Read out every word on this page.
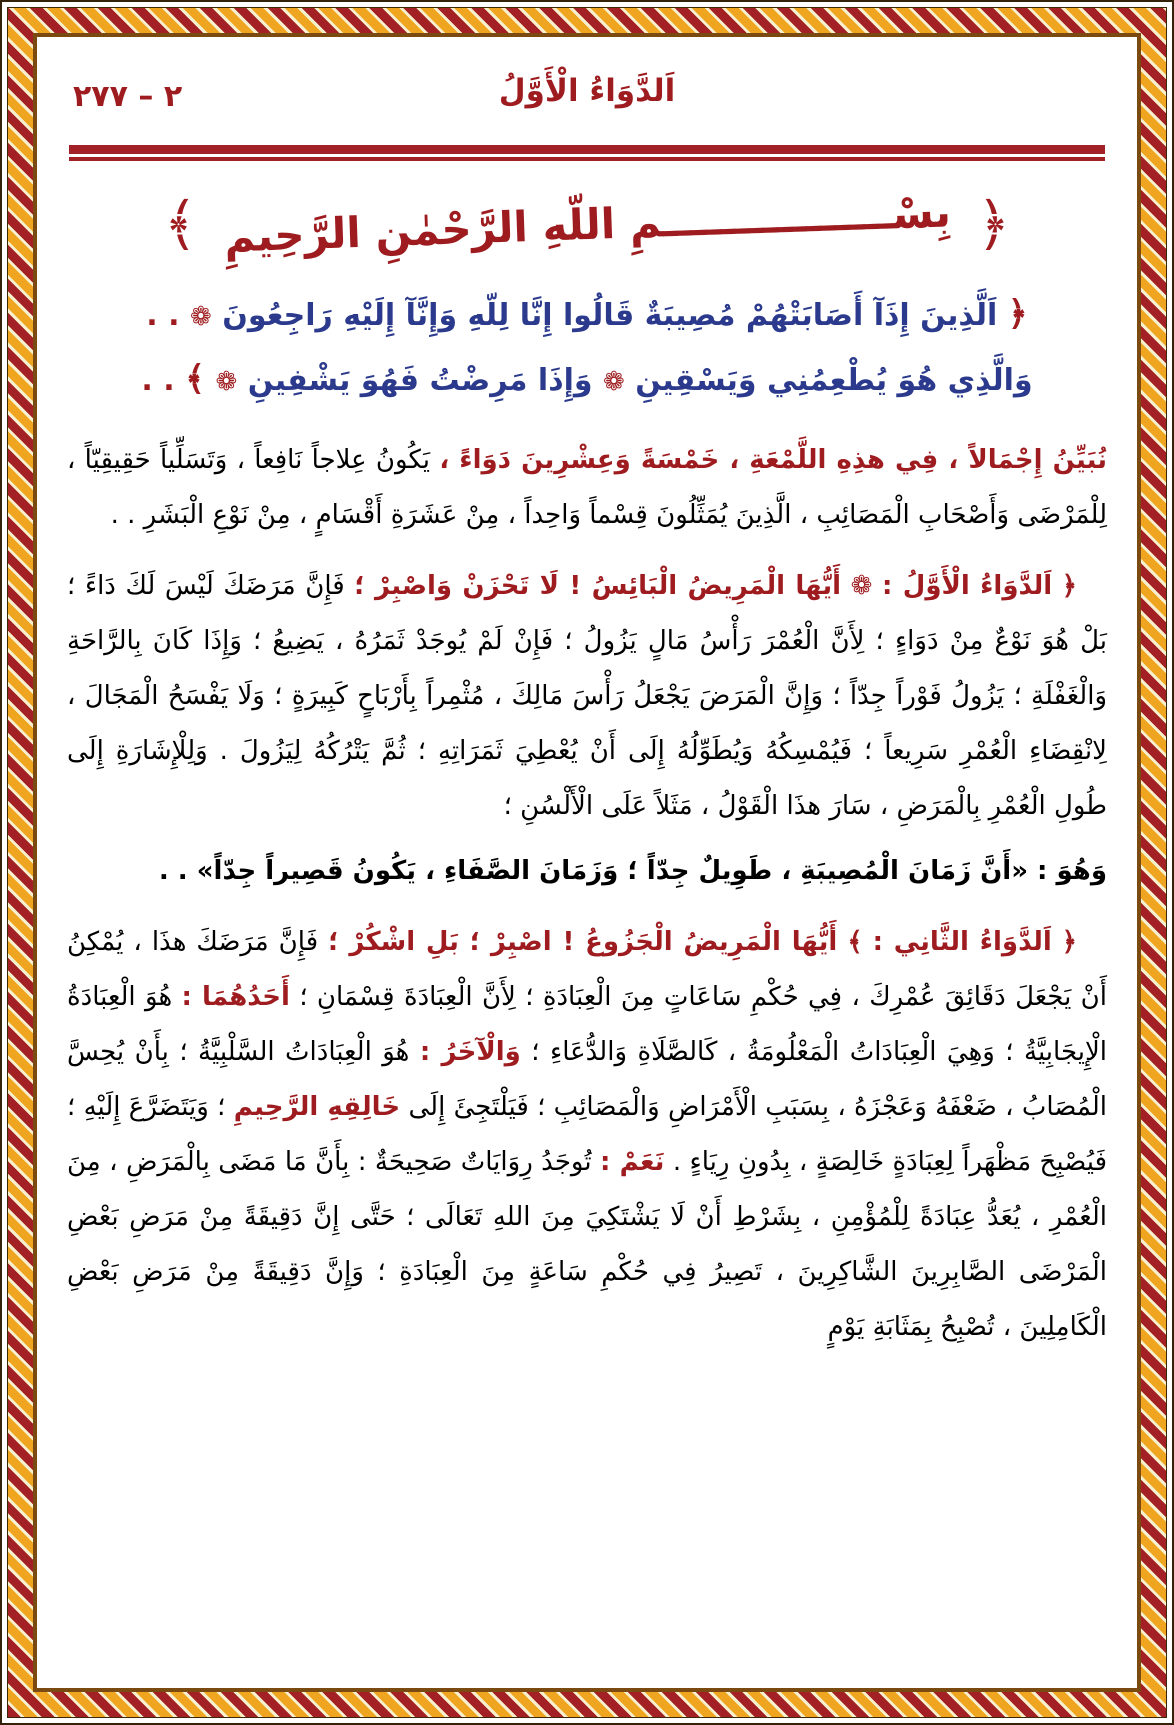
٢ – ٢٧٧	اَلدَّوَاءُ الْأَوَّلُ
﴿
بِسْــــــــــــــــمِ اللّهِ الرَّحْمٰنِ الرَّحِيمِ
﴾
﴿ اَلَّذِينَ إِذَآ أَصَابَتْهُمْ مُصِيبَةٌ قَالُوا إِنَّا لِلّهِ وَإِنَّآ إِلَيْهِ رَاجِعُونَ ❁ . .
وَالَّذِي هُوَ يُطْعِمُنِي وَيَسْقِينِ ❁ وَإِذَا مَرِضْتُ فَهُوَ يَشْفِينِ ❁ ﴾ . .

نُبَيِّنُ إِجْمَالاً ، فِي هذِهِ اللَّمْعَةِ ، خَمْسَةً وَعِشْرِينَ دَوَاءً ، يَكُونُ عِلاجاً نَافِعاً ، وَتَسَلِّياً حَقِيقِيّاً ، لِلْمَرْضَى وَأَصْحَابِ الْمَصَائِبِ ، الَّذِينَ يُمَثِّلُونَ قِسْماً وَاحِداً ، مِنْ عَشَرَةِ أَقْسَامٍ ، مِنْ نَوْعِ الْبَشَرِ . .

﴿ اَلدَّوَاءُ الْأَوَّلُ : ❁ أَيُّهَا الْمَرِيضُ الْبَائِسُ ! لَا تَحْزَنْ وَاصْبِرْ ؛ فَإِنَّ مَرَضَكَ لَيْسَ لَكَ دَاءً ؛ بَلْ هُوَ نَوْعٌ مِنْ دَوَاءٍ ؛ لِأَنَّ الْعُمْرَ رَأْسُ مَالٍ يَزُولُ ؛ فَإِنْ لَمْ يُوجَدْ ثَمَرُهُ ، يَضِيعُ ؛ وَإِذَا كَانَ بِالرَّاحَةِ وَالْغَفْلَةِ ؛ يَزُولُ فَوْراً جِدّاً ؛ وَإِنَّ الْمَرَضَ يَجْعَلُ رَأْسَ مَالِكَ ، مُثْمِراً بِأَرْبَاحٍ كَبِيرَةٍ ؛ وَلَا يَفْسَحُ الْمَجَالَ ، لِانْقِضَاءِ الْعُمْرِ سَرِيعاً ؛ فَيُمْسِكُهُ وَيُطَوِّلُهُ إِلَى أَنْ يُعْطِيَ ثَمَرَاتِهِ ؛ ثُمَّ يَتْرُكُهُ لِيَزُولَ . وَلِلْإِشَارَةِ إِلَى طُولِ الْعُمْرِ بِالْمَرَضِ ، سَارَ هذَا الْقَوْلُ ، مَثَلاً عَلَى الْأَلْسُنِ ؛

وَهُوَ : «أَنَّ زَمَانَ الْمُصِيبَةِ ، طَوِيلٌ جِدّاً ؛ وَزَمَانَ الصَّفَاءِ ، يَكُونُ قَصِيراً جِدّاً» . .

﴿ اَلدَّوَاءُ الثَّانِي : ﴾ أَيُّهَا الْمَرِيضُ الْجَزُوعُ ! اصْبِرْ ؛ بَلِ اشْكُرْ ؛ فَإِنَّ مَرَضَكَ هذَا ، يُمْكِنُ أَنْ يَجْعَلَ دَقَائِقَ عُمْرِكَ ، فِي حُكْمِ سَاعَاتٍ مِنَ الْعِبَادَةِ ؛ لِأَنَّ الْعِبَادَةَ قِسْمَانِ ؛ أَحَدُهُمَا : هُوَ الْعِبَادَةُ الْإِيجَابِيَّةُ ؛ وَهِيَ الْعِبَادَاتُ الْمَعْلُومَةُ ، كَالصَّلَاةِ وَالدُّعَاءِ ؛ وَالْآخَرُ : هُوَ الْعِبَادَاتُ السَّلْبِيَّةُ ؛ بِأَنْ يُحِسَّ الْمُصَابُ ، ضَعْفَهُ وَعَجْزَهُ ، بِسَبَبِ الْأَمْرَاضِ وَالْمَصَائِبِ ؛ فَيَلْتَجِئَ إِلَى خَالِقِهِ الرَّحِيمِ ؛ وَيَتَضَرَّعَ إِلَيْهِ ؛ فَيُصْبِحَ مَظْهَراً لِعِبَادَةٍ خَالِصَةٍ ، بِدُونِ رِيَاءٍ . نَعَمْ : تُوجَدُ رِوَايَاتٌ صَحِيحَةٌ : بِأَنَّ مَا مَضَى بِالْمَرَضِ ، مِنَ الْعُمْرِ ، يُعَدُّ عِبَادَةً لِلْمُؤْمِنِ ، بِشَرْطِ أَنْ لَا يَشْتَكِيَ مِنَ اللهِ تَعَالَى ؛ حَتَّى إِنَّ دَقِيقَةً مِنْ مَرَضِ بَعْضِ الْمَرْضَى الصَّابِرِينَ الشَّاكِرِينَ ، تَصِيرُ فِي حُكْمِ سَاعَةٍ مِنَ الْعِبَادَةِ ؛ وَإِنَّ دَقِيقَةً مِنْ مَرَضِ بَعْضِ الْكَامِلِينَ ، تُصْبِحُ بِمَثَابَةِ يَوْمٍ
